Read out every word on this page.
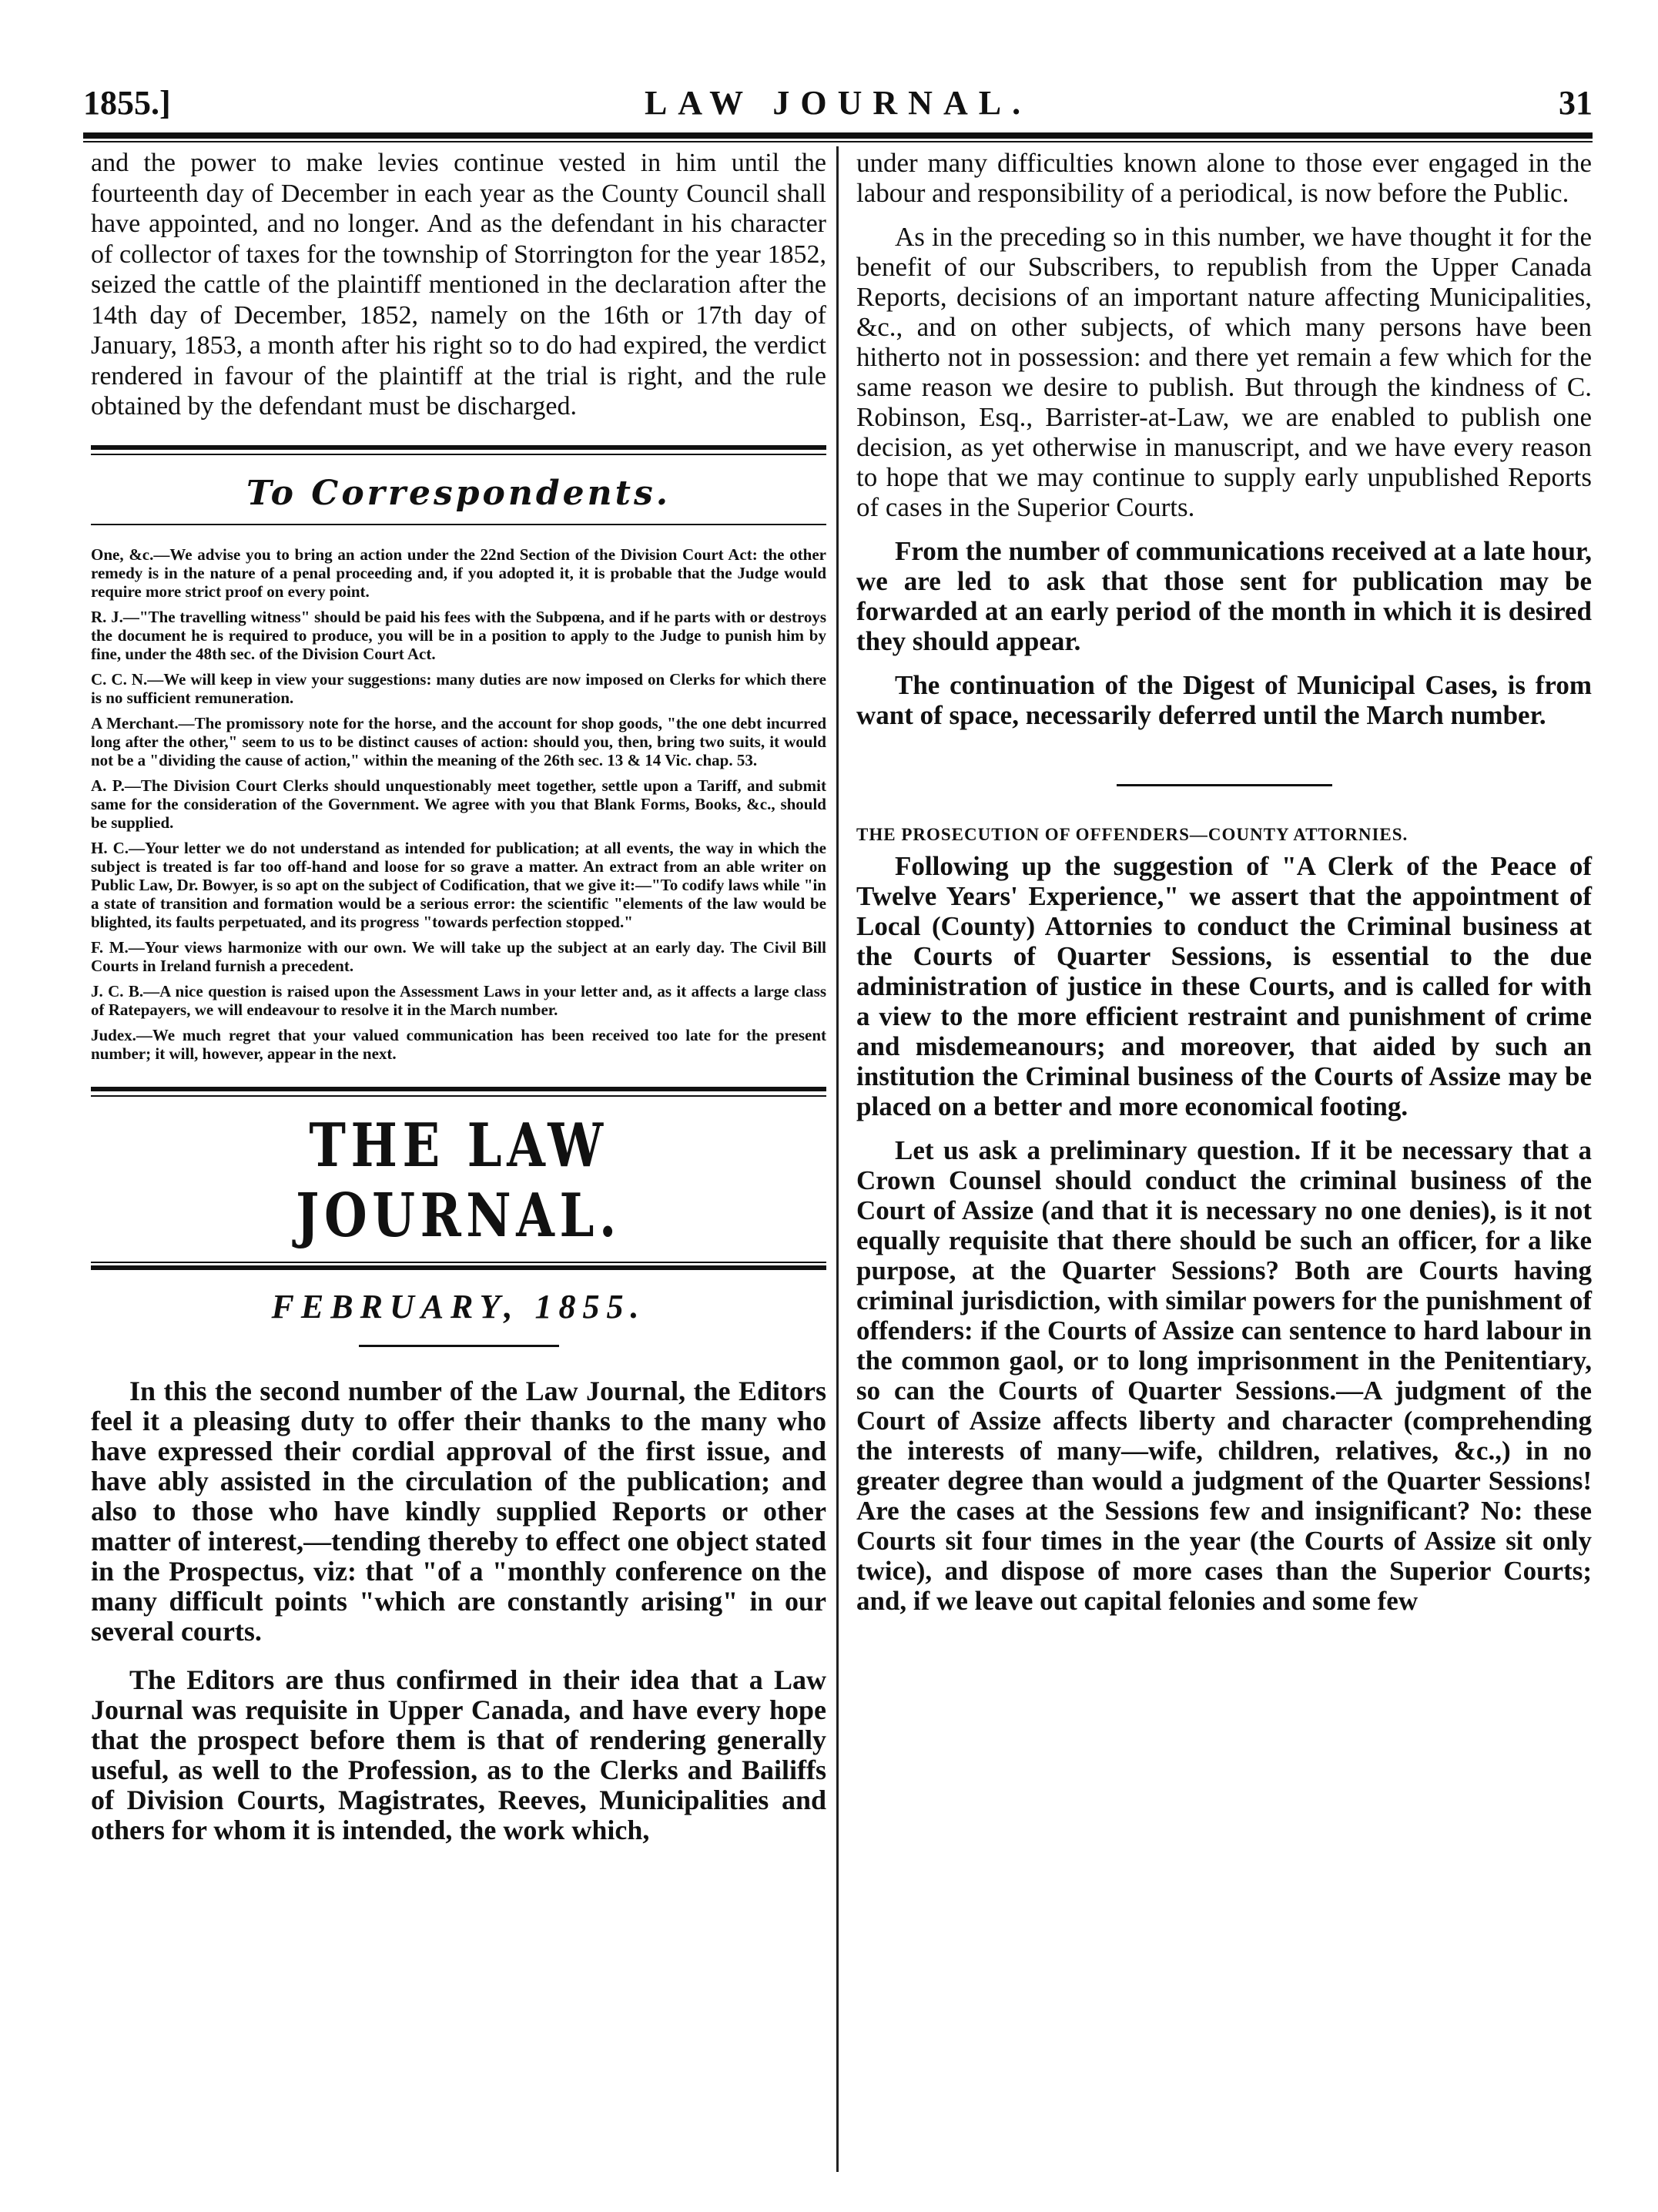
1855.]	LAW JOURNAL.	31

and the power to make levies continue vested in him until the fourteenth day of December in each year as the County Council shall have appointed, and no longer. And as the defendant in his character of collector of taxes for the township of Storrington for the year 1852, seized the cattle of the plaintiff mentioned in the declaration after the 14th day of December, 1852, namely on the 16th or 17th day of January, 1853, a month after his right so to do had expired, the verdict rendered in favour of the plaintiff at the trial is right, and the rule obtained by the defendant must be discharged.

To Correspondents.

One, &c.—We advise you to bring an action under the 22nd Section of the Division Court Act: the other remedy is in the nature of a penal proceeding and, if you adopted it, it is probable that the Judge would require more strict proof on every point.

R. J.—"The travelling witness" should be paid his fees with the Subpœna, and if he parts with or destroys the document he is required to produce, you will be in a position to apply to the Judge to punish him by fine, under the 48th sec. of the Division Court Act.

C. C. N.—We will keep in view your suggestions: many duties are now imposed on Clerks for which there is no sufficient remuneration.

A Merchant.—The promissory note for the horse, and the account for shop goods, "the one debt incurred long after the other," seem to us to be distinct causes of action: should you, then, bring two suits, it would not be a "dividing the cause of action," within the meaning of the 26th sec. 13 & 14 Vic. chap. 53.

A. P.—The Division Court Clerks should unquestionably meet together, settle upon a Tariff, and submit same for the consideration of the Government. We agree with you that Blank Forms, Books, &c., should be supplied.

H. C.—Your letter we do not understand as intended for publication; at all events, the way in which the subject is treated is far too off-hand and loose for so grave a matter. An extract from an able writer on Public Law, Dr. Bowyer, is so apt on the subject of Codification, that we give it:—"To codify laws while "in a state of transition and formation would be a serious error: the scientific "elements of the law would be blighted, its faults perpetuated, and its progress "towards perfection stopped."

F. M.—Your views harmonize with our own. We will take up the subject at an early day. The Civil Bill Courts in Ireland furnish a precedent.

J. C. B.—A nice question is raised upon the Assessment Laws in your letter and, as it affects a large class of Ratepayers, we will endeavour to resolve it in the March number.

Judex.—We much regret that your valued communication has been received too late for the present number; it will, however, appear in the next.

THE LAW JOURNAL.
FEBRUARY, 1855.

In this the second number of the Law Journal, the Editors feel it a pleasing duty to offer their thanks to the many who have expressed their cordial approval of the first issue, and have ably assisted in the circulation of the publication; and also to those who have kindly supplied Reports or other matter of interest,—tending thereby to effect one object stated in the Prospectus, viz: that "of a "monthly conference on the many difficult points "which are constantly arising" in our several courts.

The Editors are thus confirmed in their idea that a Law Journal was requisite in Upper Canada, and have every hope that the prospect before them is that of rendering generally useful, as well to the Profession, as to the Clerks and Bailiffs of Division Courts, Magistrates, Reeves, Municipalities and others for whom it is intended, the work which,

under many difficulties known alone to those ever engaged in the labour and responsibility of a periodical, is now before the Public.

As in the preceding so in this number, we have thought it for the benefit of our Subscribers, to republish from the Upper Canada Reports, decisions of an important nature affecting Municipalities, &c., and on other subjects, of which many persons have been hitherto not in possession: and there yet remain a few which for the same reason we desire to publish. But through the kindness of C. Robinson, Esq., Barrister-at-Law, we are enabled to publish one decision, as yet otherwise in manuscript, and we have every reason to hope that we may continue to supply early unpublished Reports of cases in the Superior Courts.

From the number of communications received at a late hour, we are led to ask that those sent for publication may be forwarded at an early period of the month in which it is desired they should appear.

The continuation of the Digest of Municipal Cases, is from want of space, necessarily deferred until the March number.

THE PROSECUTION OF OFFENDERS—COUNTY ATTORNIES.

Following up the suggestion of "A Clerk of the Peace of Twelve Years' Experience," we assert that the appointment of Local (County) Attornies to conduct the Criminal business at the Courts of Quarter Sessions, is essential to the due administration of justice in these Courts, and is called for with a view to the more efficient restraint and punishment of crime and misdemeanours; and moreover, that aided by such an institution the Criminal business of the Courts of Assize may be placed on a better and more economical footing.

Let us ask a preliminary question. If it be necessary that a Crown Counsel should conduct the criminal business of the Court of Assize (and that it is necessary no one denies), is it not equally requisite that there should be such an officer, for a like purpose, at the Quarter Sessions? Both are Courts having criminal jurisdiction, with similar powers for the punishment of offenders: if the Courts of Assize can sentence to hard labour in the common gaol, or to long imprisonment in the Penitentiary, so can the Courts of Quarter Sessions.—A judgment of the Court of Assize affects liberty and character (comprehending the interests of many—wife, children, relatives, &c.,) in no greater degree than would a judgment of the Quarter Sessions! Are the cases at the Sessions few and insignificant? No: these Courts sit four times in the year (the Courts of Assize sit only twice), and dispose of more cases than the Superior Courts; and, if we leave out capital felonies and some few
